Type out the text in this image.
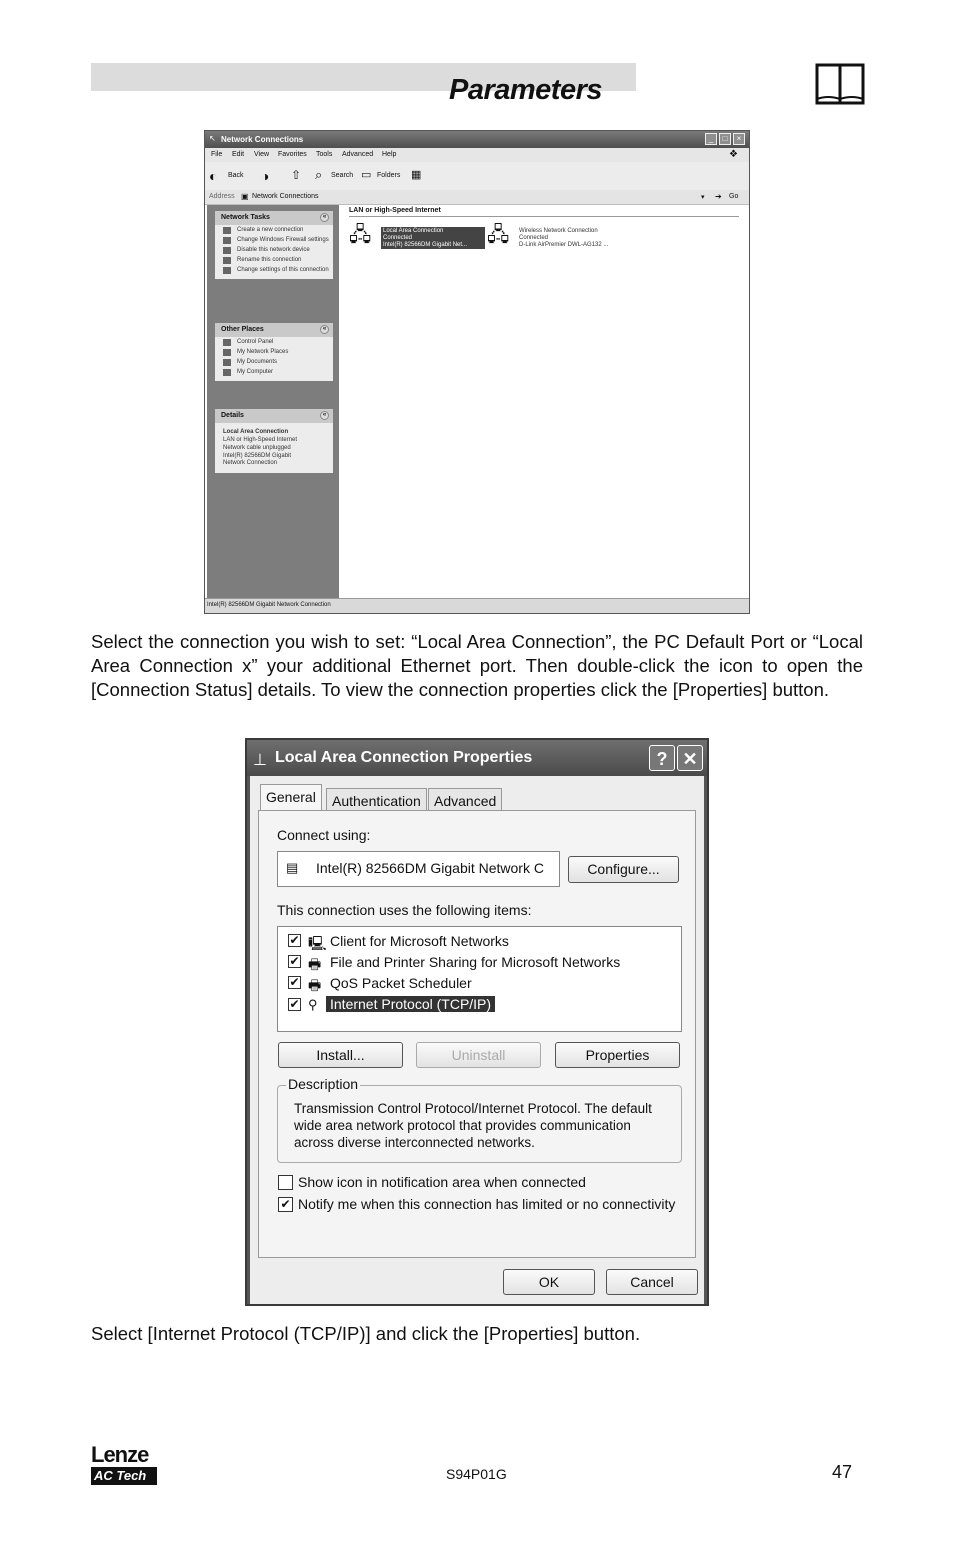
Parameters
↖ Network Connections	_	□	×
File Edit View Favorites Tools Advanced Help	❖
◐ Back ◑ ⇧ ⌕ Search ▭ Folders ▦
Address ▣ Network Connections	▾ ➔ Go
Network Tasks	«
Create a new connection
Change Windows Firewall settings
Disable this network device
Rename this connection
Change settings of this connection
Other Places	«
Control Panel
My Network Places
My Documents
My Computer
Details	«
Local Area Connection
LAN or High-Speed Internet
Network cable unplugged
Intel(R) 82566DM Gigabit Network Connection
LAN or High-Speed Internet
🖧 Local Area Connection
Connected
Intel(R) 82566DM Gigabit Net... 🖧 Wireless Network Connection
Connected
D-Link AirPremier DWL-AG132 ...
Intel(R) 82566DM Gigabit Network Connection
Select the connection you wish to set: “Local Area Connection”, the PC Default Port or “Local Area Connection x” your additional Ethernet port. Then double-click the icon to open the [Connection Status] details. To view the connection properties click the [Properties] button.
⊥ Local Area Connection Properties	? ✕
General	Authentication Advanced
Connect using:
▤ Intel(R) 82566DM Gigabit Network C	Configure...
This connection uses the following items:
✔ 🖳 Client for Microsoft Networks
✔ 🖶 File and Printer Sharing for Microsoft Networks
✔ 🖶 QoS Packet Scheduler
✔ ⚲ Internet Protocol (TCP/IP)
Install...	Uninstall	Properties
Description
Transmission Control Protocol/Internet Protocol. The default wide area network protocol that provides communication across diverse interconnected networks.
Show icon in notification area when connected
✔ Notify me when this connection has limited or no connectivity
OK	Cancel
Select [Internet Protocol (TCP/IP)] and click the [Properties] button.
Lenze
AC Tech	S94P01G	47
